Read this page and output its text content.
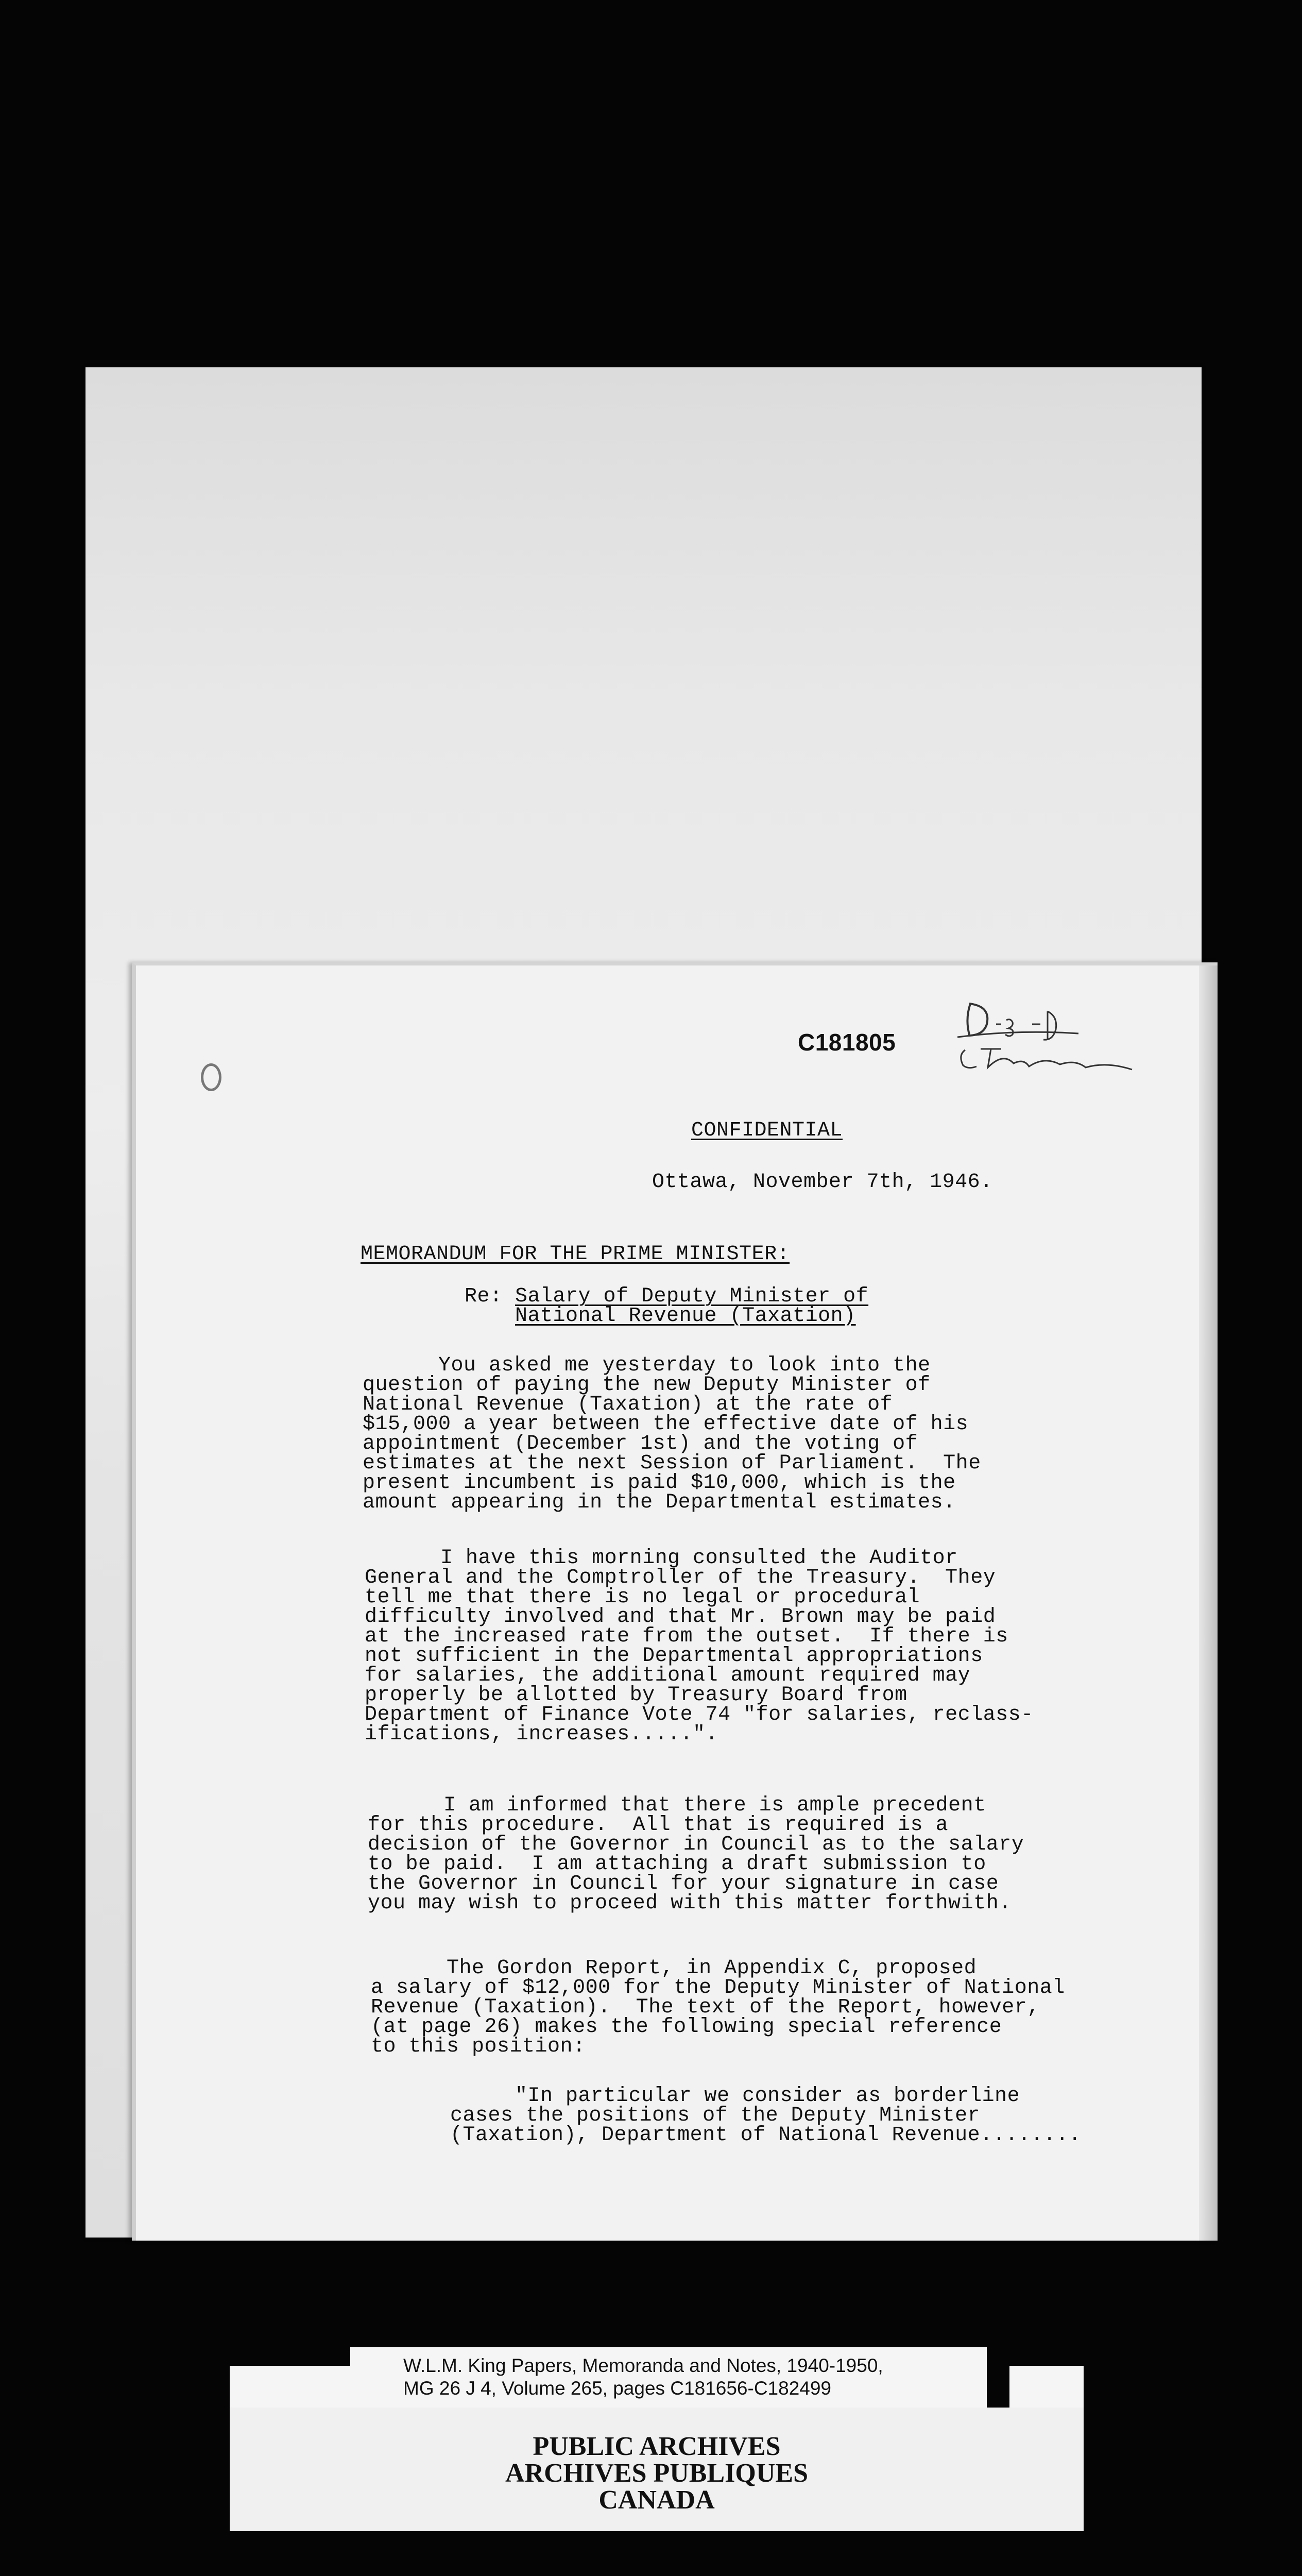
C181805
D 18-D (Taxation)
CONFIDENTIAL
Ottawa, November 7th, 1946.
MEMORANDUM FOR THE PRIME MINISTER:
Re: Salary of Deputy Minister of
National Revenue (Taxation)
You asked me yesterday to look into the
question of paying the new Deputy Minister of
National Revenue (Taxation) at the rate of
$15,000 a year between the effective date of his
appointment (December 1st) and the voting of
estimates at the next Session of Parliament.  The
present incumbent is paid $10,000, which is the
amount appearing in the Departmental estimates.
I have this morning consulted the Auditor
General and the Comptroller of the Treasury.  They
tell me that there is no legal or procedural
difficulty involved and that Mr. Brown may be paid
at the increased rate from the outset.  If there is
not sufficient in the Departmental appropriations
for salaries, the additional amount required may
properly be allotted by Treasury Board from
Department of Finance Vote 74 "for salaries, reclass-
ifications, increases.....".
I am informed that there is ample precedent
for this procedure.  All that is required is a
decision of the Governor in Council as to the salary
to be paid.  I am attaching a draft submission to
the Governor in Council for your signature in case
you may wish to proceed with this matter forthwith.
The Gordon Report, in Appendix C, proposed
a salary of $12,000 for the Deputy Minister of National
Revenue (Taxation).  The text of the Report, however,
(at page 26) makes the following special reference
to this position:
"In particular we consider as borderline
cases the positions of the Deputy Minister
(Taxation), Department of National Revenue........
W.L.M. King Papers, Memoranda and Notes, 1940-1950,
MG 26 J 4, Volume 265, pages C181656-C182499
PUBLIC ARCHIVES
ARCHIVES PUBLIQUES
CANADA
